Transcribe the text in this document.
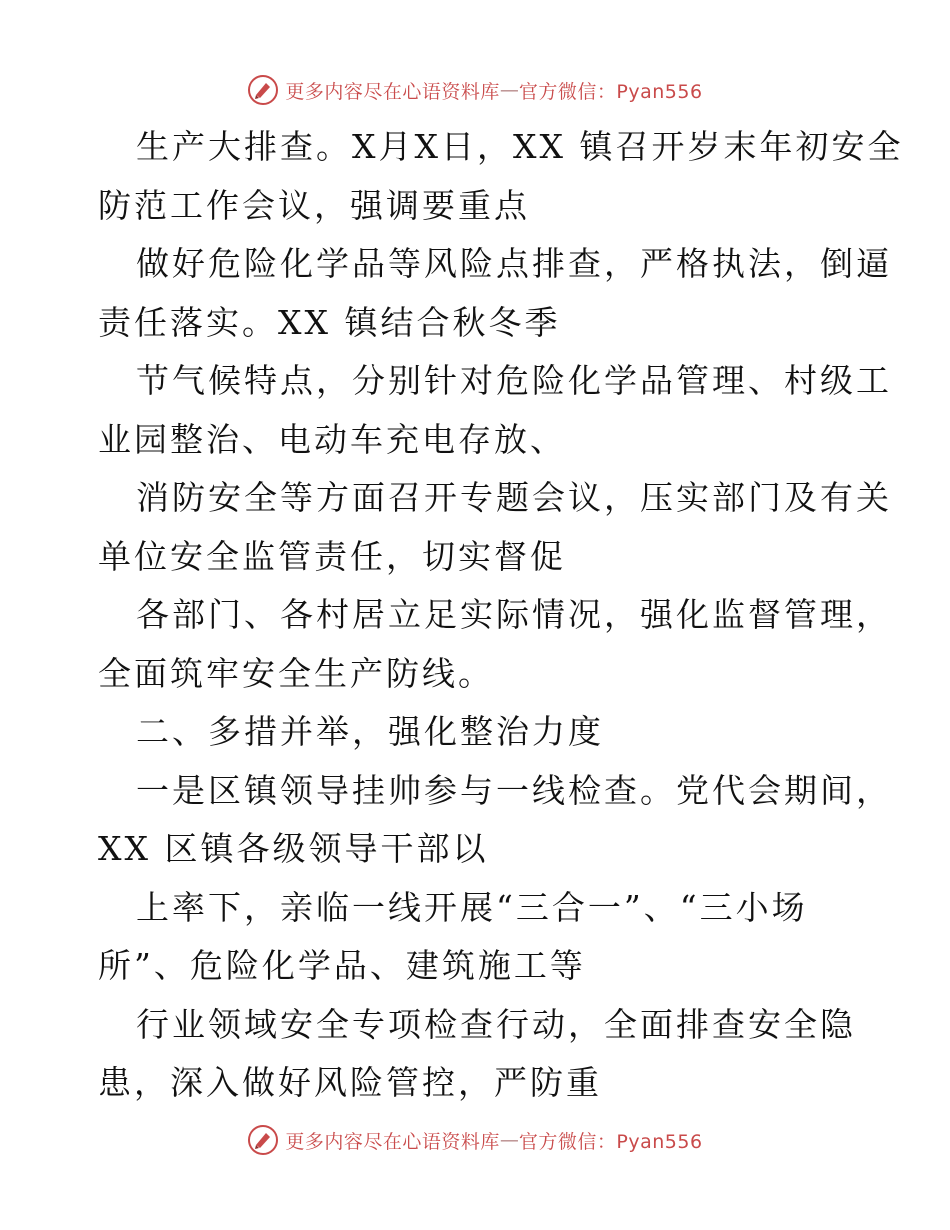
更多内容尽在心语资料库 — 官方微信：Pyan556
生产大排查。X月X日，XX 镇召开岁末年初安全
防范工作会议，强调要重点
做好危险化学品等风险点排查，严格执法，倒逼
责任落实。XX 镇结合秋冬季
节气候特点，分别针对危险化学品管理、村级工
业园整治、电动车充电存放、
消防安全等方面召开专题会议，压实部门及有关
单位安全监管责任，切实督促
各部门、各村居立足实际情况，强化监督管理，
全面筑牢安全生产防线。
二、多措并举，强化整治力度
一是区镇领导挂帅参与一线检查。党代会期间，
XX 区镇各级领导干部以
上率下，亲临一线开展“三合一”、“三小场
所”、危险化学品、建筑施工等
行业领域安全专项检查行动，全面排查安全隐
患，深入做好风险管控，严防重
更多内容尽在心语资料库 — 官方微信：Pyan556
